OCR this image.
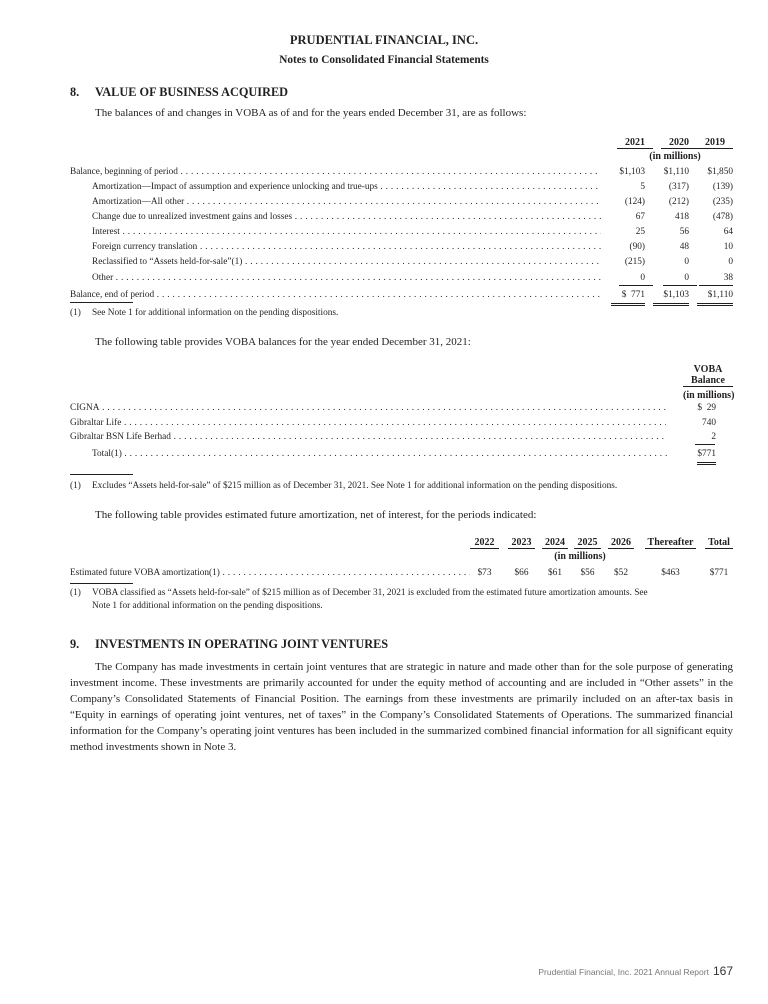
PRUDENTIAL FINANCIAL, INC.
Notes to Consolidated Financial Statements
8. VALUE OF BUSINESS ACQUIRED
The balances of and changes in VOBA as of and for the years ended December 31, are as follows:
(1) See Note 1 for additional information on the pending dispositions.
The following table provides VOBA balances for the year ended December 31, 2021:
(1) Excludes “Assets held-for-sale” of $215 million as of December 31, 2021. See Note 1 for additional information on the pending dispositions.
The following table provides estimated future amortization, net of interest, for the periods indicated:
(1) VOBA classified as “Assets held-for-sale” of $215 million as of December 31, 2021 is excluded from the estimated future amortization amounts. See
Note 1 for additional information on the pending dispositions.
9. INVESTMENTS IN OPERATING JOINT VENTURES
The Company has made investments in certain joint ventures that are strategic in nature and made other than for the sole purpose of generating investment income. These investments are primarily accounted for under the equity method of accounting and are included in “Other assets” in the Company’s Consolidated Statements of Financial Position. The earnings from these investments are primarily included on an after-tax basis in “Equity in earnings of operating joint ventures, net of taxes” in the Company’s Consolidated Statements of Operations. The summarized financial information for the Company’s operating joint ventures has been included in the summarized combined financial information for all significant equity method investments shown in Note 3.
Prudential Financial, Inc. 2021 Annual Report 167
2021	2020	2019
(in millions)
Balance, beginning of period . . .	$1,103	$1,110	$1,850
Amortization—Impact of assumption and experience unlocking and true-ups . . .	5	(317)	(139)
Amortization—All other . . .	(124)	(212)	(235)
Change due to unrealized investment gains and losses . . .	67	418	(478)
Interest . . .	25	56	64
Foreign currency translation . . .	(90)	48	10
Reclassified to “Assets held-for-sale”(1) . . .	(215)	0	0
Other . . .	0	0	38
Balance, end of period . . .	$  771	$1,103	$1,110
VOBA
Balance
(in millions)
CIGNA . . .	$  29
Gibraltar Life . . .	740
Gibraltar BSN Life Berhad . . .	2
Total(1) . . .	$771
2022	2023	2024	2025	2026	Thereafter	Total
(in millions)
Estimated future VOBA amortization(1) . . .	$73	$66	$61	$56	$52	$463	$771
